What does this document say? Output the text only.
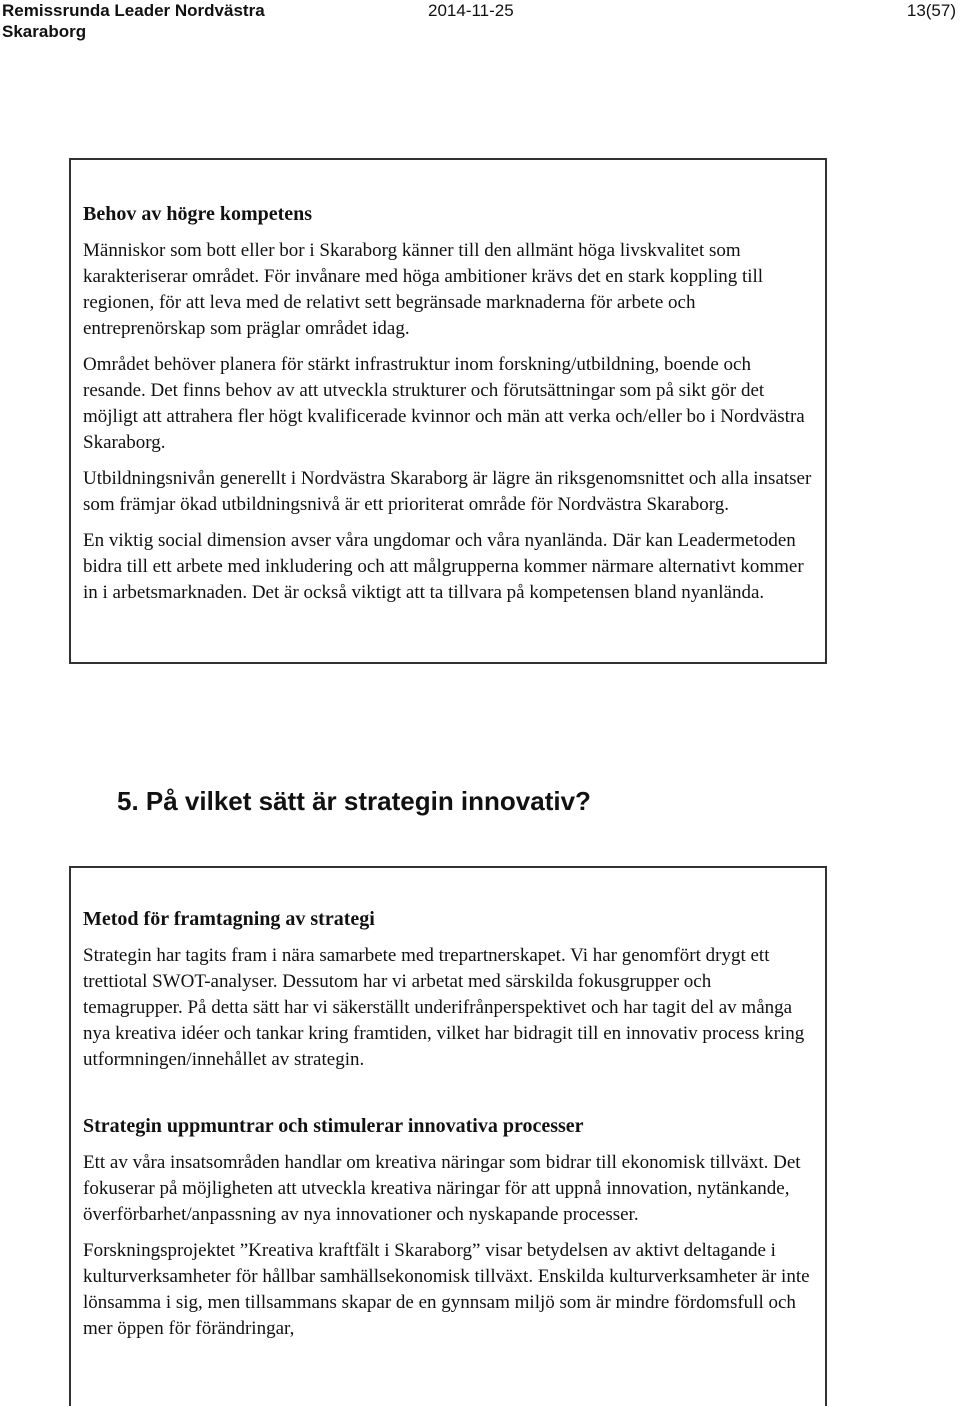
Remissrunda Leader Nordvästra
Skaraborg
2014-11-25	13(57)
Behov av högre kompetens

Människor som bott eller bor i Skaraborg känner till den allmänt höga livskvalitet som karakteriserar området. För invånare med höga ambitioner krävs det en stark koppling till regionen, för att leva med de relativt sett begränsade marknaderna för arbete och entreprenörskap som präglar området idag.

Området behöver planera för stärkt infrastruktur inom forskning/utbildning, boende och resande. Det finns behov av att utveckla strukturer och förutsättningar som på sikt gör det möjligt att attrahera fler högt kvalificerade kvinnor och män att verka och/eller bo i Nordvästra Skaraborg.

Utbildningsnivån generellt i Nordvästra Skaraborg är lägre än riksgenomsnittet och alla insatser som främjar ökad utbildningsnivå är ett prioriterat område för Nordvästra Skaraborg.

En viktig social dimension avser våra ungdomar och våra nyanlända. Där kan Leadermetoden bidra till ett arbete med inkludering och att målgrupperna kommer närmare alternativt kommer in i arbetsmarknaden. Det är också viktigt att ta tillvara på kompetensen bland nyanlända.

5. På vilket sätt är strategin innovativ?
Metod för framtagning av strategi

Strategin har tagits fram i nära samarbete med trepartnerskapet. Vi har genomfört drygt ett trettiotal SWOT-analyser. Dessutom har vi arbetat med särskilda fokusgrupper och temagrupper. På detta sätt har vi säkerställt underifrånperspektivet och har tagit del av många nya kreativa idéer och tankar kring framtiden, vilket har bidragit till en innovativ process kring utformningen/innehållet av strategin.

Strategin uppmuntrar och stimulerar innovativa processer

Ett av våra insatsområden handlar om kreativa näringar som bidrar till ekonomisk tillväxt. Det fokuserar på möjligheten att utveckla kreativa näringar för att uppnå innovation, nytänkande, överförbarhet/anpassning av nya innovationer och nyskapande processer.

Forskningsprojektet ”Kreativa kraftfält i Skaraborg” visar betydelsen av aktivt deltagande i kulturverksamheter för hållbar samhällsekonomisk tillväxt. Enskilda kulturverksamheter är inte lönsamma i sig, men tillsammans skapar de en gynnsam miljö som är mindre fördomsfull och mer öppen för förändringar,
